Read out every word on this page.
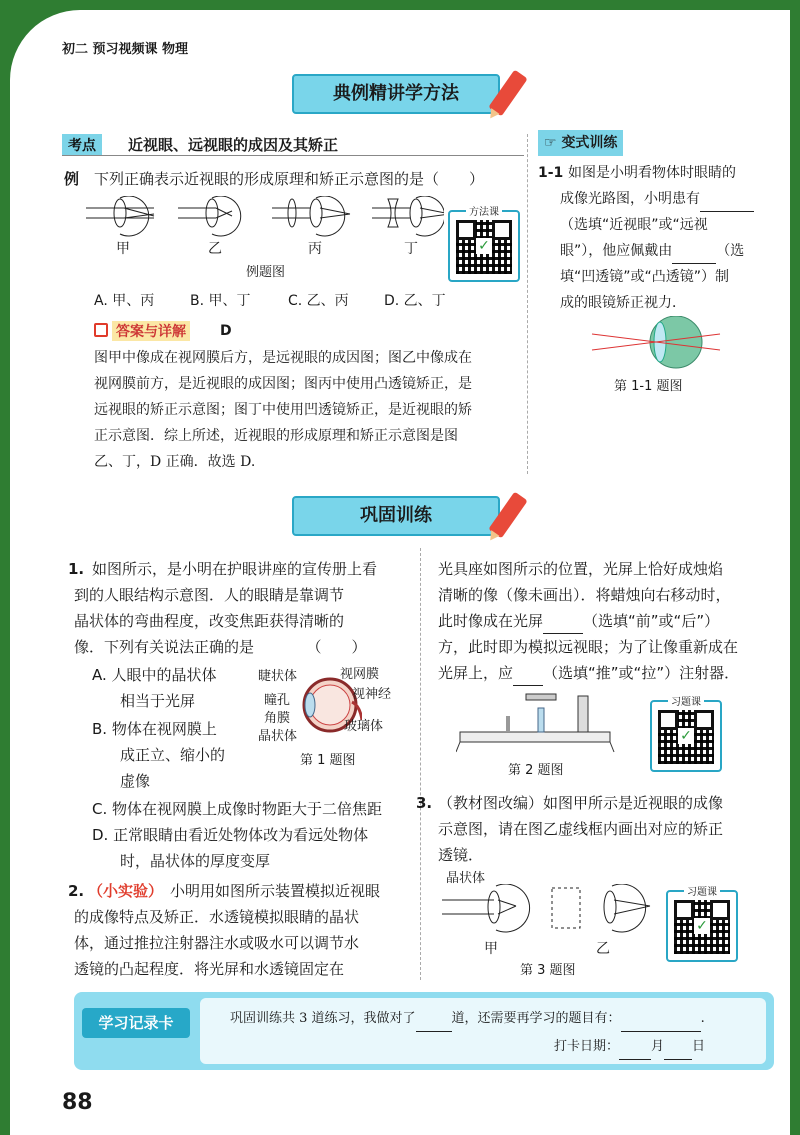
初二 预习视频课 物理
典例精讲学方法
考点	近视眼、远视眼的成因及其矫正
例 下列正确表示近视眼的形成原理和矫正示意图的是（　　）
甲	乙	丙	丁
例题图
方法课
✓
A. 甲、丙	B. 甲、丁	C. 乙、丙	D. 乙、丁
答案与详解 D
图甲中像成在视网膜后方，是远视眼的成因图；图乙中像成在
视网膜前方，是近视眼的成因图；图丙中使用凸透镜矫正，是
远视眼的矫正示意图；图丁中使用凹透镜矫正，是近视眼的矫
正示意图．综上所述，近视眼的形成原理和矫正示意图是图
乙、丁，D 正确．故选 D.
☞ 变式训练
1-1 如图是小明看物体时眼睛的
成像光路图，小明患有
（选填“近视眼”或“远视
眼”），他应佩戴由	（选
填“凹透镜”或“凸透镜”）制
成的眼镜矫正视力．
第 1-1 题图
巩固训练
1. 如图所示，是小明在护眼讲座的宣传册上看
到的人眼结构示意图．人的眼睛是靠调节
晶状体的弯曲程度，改变焦距获得清晰的
像．下列有关说法正确的是　　　　（　　）
A. 人眼中的晶状体
相当于光屏
B. 物体在视网膜上
成正立、缩小的
虚像
C. 物体在视网膜上成像时物距大于二倍焦距
D. 正常眼睛由看近处物体改为看远处物体
时，晶状体的厚度变厚
睫状体	视网膜
视神经
瞳孔
角膜
玻璃体
晶状体
第 1 题图
2. （小实验） 小明用如图所示装置模拟近视眼
的成像特点及矫正．水透镜模拟眼睛的晶状
体，通过推拉注射器注水或吸水可以调节水
透镜的凸起程度．将光屏和水透镜固定在
光具座如图所示的位置，光屏上恰好成烛焰
清晰的像（像未画出）．将蜡烛向右移动时，
此时像成在光屏	（选填“前”或“后”）
方，此时即为模拟远视眼；为了让像重新成在
光屏上，应 （选填“推”或“拉”）注射器．
第 2 题图
习题课
✓
3. （教材图改编）如图甲所示是近视眼的成像
示意图，请在图乙虚线框内画出对应的矫正
透镜．
晶状体
甲	乙
第 3 题图
习题课
✓
学习记录卡	巩固训练共 3 道练习，我做对了	道，还需要再学习的题目有：	.
打卡日期： 月 日
88
